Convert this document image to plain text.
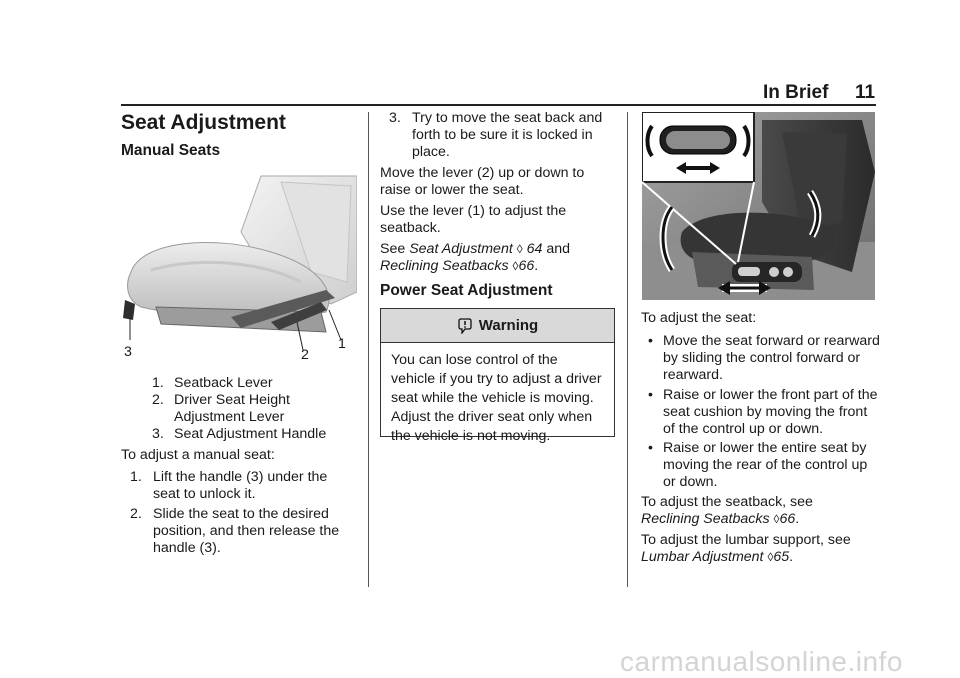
In Brief 11
Seat Adjustment
Manual Seats
3	2
1
1. Seatback Lever
2. Driver Seat Height Adjustment Lever
3. Seat Adjustment Handle
To adjust a manual seat:
1. Lift the handle (3) under the seat to unlock it.
2. Slide the seat to the desired position, and then release the handle (3).
3. Try to move the seat back and forth to be sure it is locked in place.
Move the lever (2) up or down to raise or lower the seat.
Use the lever (1) to adjust the seatback.
See Seat Adjustment ◊ 64 and
Reclining Seatbacks ◊66.
Power Seat Adjustment
Warning
You can lose control of the vehicle if you try to adjust a driver seat while the vehicle is moving. Adjust the driver seat only when the vehicle is not moving.
To adjust the seat:
• Move the seat forward or rearward by sliding the control forward or rearward.
• Raise or lower the front part of the seat cushion by moving the front of the control up or down.
• Raise or lower the entire seat by moving the rear of the control up or down.
To adjust the seatback, see
Reclining Seatbacks ◊66.
To adjust the lumbar support, see
Lumbar Adjustment ◊65.
carmanualsonline.info
